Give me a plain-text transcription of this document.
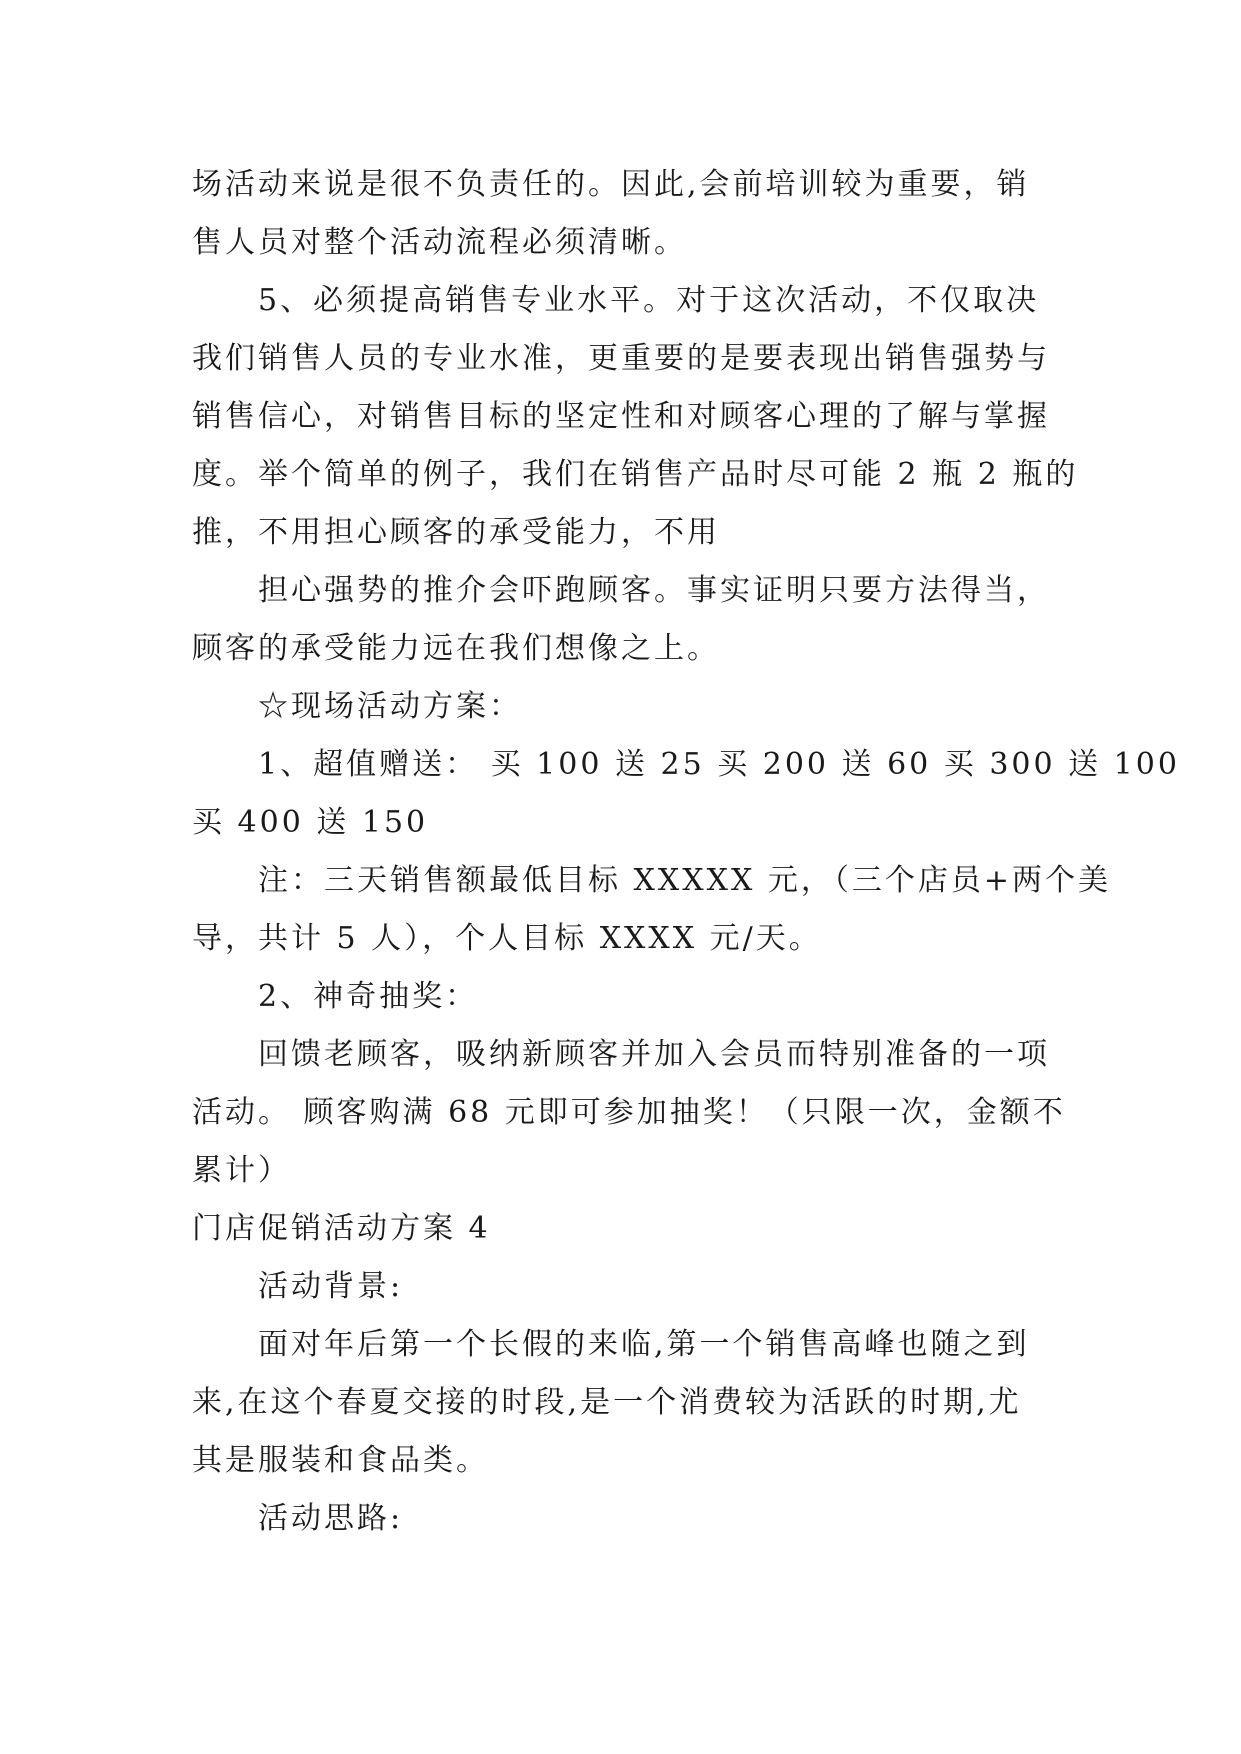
场活动来说是很不负责任的。因此,会前培训较为重要，销

售人员对整个活动流程必须清晰。

5、必须提高销售专业水平。对于这次活动，不仅取决

我们销售人员的专业水准，更重要的是要表现出销售强势与

销售信心，对销售目标的坚定性和对顾客心理的了解与掌握

度。举个简单的例子，我们在销售产品时尽可能 2 瓶 2 瓶的

推，不用担心顾客的承受能力，不用

担心强势的推介会吓跑顾客。事实证明只要方法得当，

顾客的承受能力远在我们想像之上。

☆现场活动方案：

1、超值赠送： 买 100 送 25 买 200 送 60 买 300 送 100

买 400 送 150

注：三天销售额最低目标 XXXXX 元，（三个店员+两个美

导，共计 5 人），个人目标 XXXX 元/天。

2、神奇抽奖：

回馈老顾客，吸纳新顾客并加入会员而特别准备的一项

活动。 顾客购满 68 元即可参加抽奖！（只限一次，金额不

累计）

门店促销活动方案 4

活动背景:

面对年后第一个长假的来临,第一个销售高峰也随之到

来,在这个春夏交接的时段,是一个消费较为活跃的时期,尤

其是服装和食品类。

活动思路:
